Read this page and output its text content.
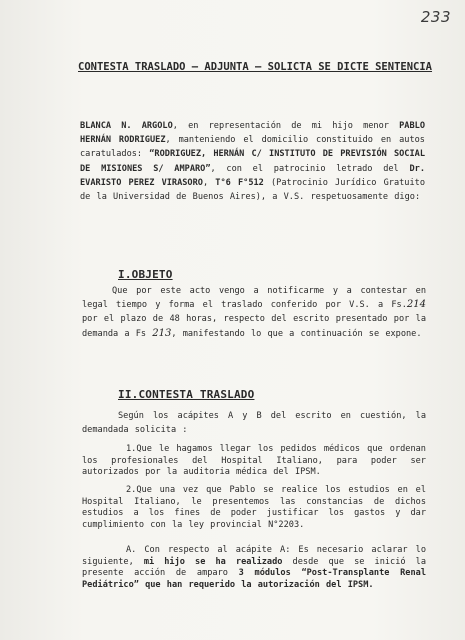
233
CONTESTA TRASLADO – ADJUNTA – SOLICTA SE DICTE SENTENCIA
BLANCA N. ARGOLO, en representación de mi hijo menor PABLO HERNÁN RODRIGUEZ, manteniendo el domicilio constituido en autos caratulados: “RODRIGUEZ, HERNÁN C/ INSTITUTO DE PREVISIÓN SOCIAL DE MISIONES S/ AMPARO”, con el patrocinio letrado del Dr. EVARISTO PEREZ VIRASORO, T°6 F°512 (Patrocinio Jurídico Gratuito de la Universidad de Buenos Aires), a V.S. respetuosamente digo:
I.OBJETO
Que por este acto vengo a notificarme y a contestar en legal tiempo y forma el traslado conferido por V.S. a Fs.214 por el plazo de 48 horas, respecto del escrito presentado por la demanda a Fs 213, manifestando lo que a continuación se expone.
II.CONTESTA TRASLADO
Según los acápites A y B del escrito en cuestión, la demandada solicita :
1.Que le hagamos llegar los pedidos médicos que ordenan los profesionales del Hospital Italiano, para poder ser autorizados por la auditoria médica del IPSM.
2.Que una vez que Pablo se realice los estudios en el Hospital Italiano, le presentemos las constancias de dichos estudios a los fines de poder justificar los gastos y dar cumplimiento con la ley provincial N°2203.
A. Con respecto al acápite A: Es necesario aclarar lo siguiente, mi hijo se ha realizado desde que se inició la presente acción de amparo 3 módulos “Post-Transplante Renal Pediátrico” que han requerido la autorización del IPSM.
